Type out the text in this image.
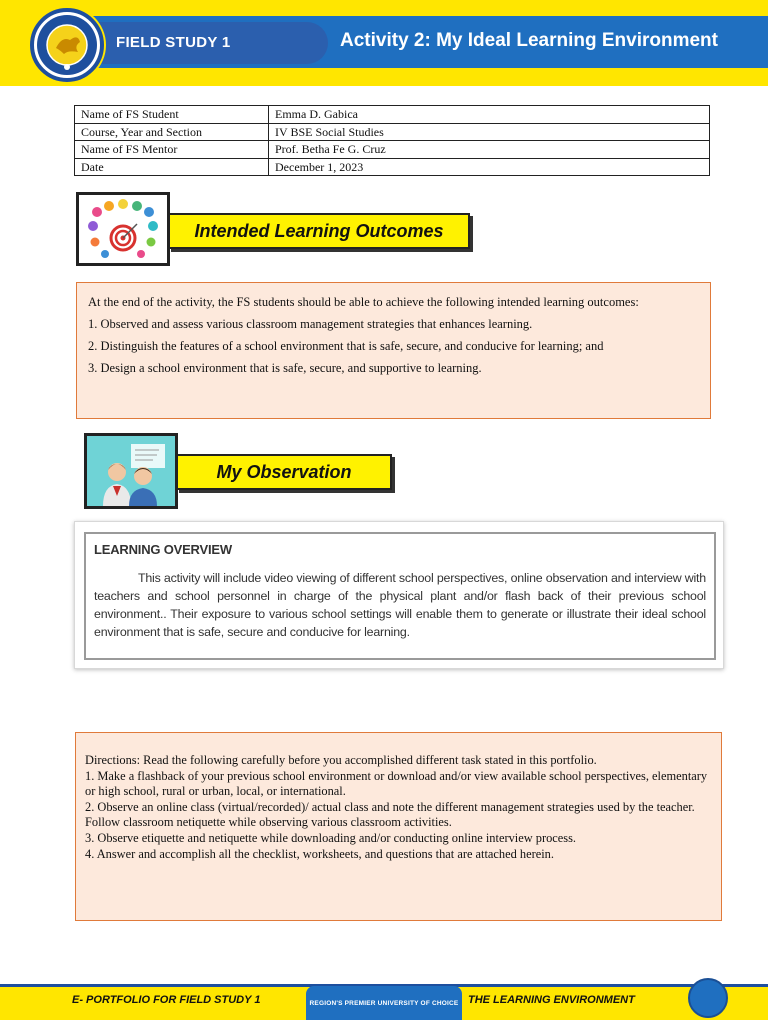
FIELD STUDY 1	Activity 2: My Ideal Learning Environment
Name of FS Student	Emma D. Gabica
Course, Year and Section	IV BSE Social Studies
Name of FS Mentor	Prof. Betha Fe G. Cruz
Date	December 1, 2023
Intended Learning Outcomes

At the end of the activity, the FS students should be able to achieve the following intended learning outcomes:

1. Observed and assess various classroom management strategies that enhances learning.

2. Distinguish the features of a school environment that is safe, secure, and conducive for learning; and

3. Design a school environment that is safe, secure, and supportive to learning.

My Observation
LEARNING OVERVIEW
This activity will include video viewing of different school perspectives, online observation and interview with teachers and school personnel in charge of the physical plant and/or flash back of their previous school environment.. Their exposure to various school settings will enable them to generate or illustrate their ideal school environment that is safe, secure and conducive for learning.
Directions: Read the following carefully before you accomplished different task stated in this portfolio.
1. Make a flashback of your previous school environment or download and/or view available school perspectives, elementary or high school, rural or urban, local, or international.
2. Observe an online class (virtual/recorded)/ actual class and note the different management strategies used by the teacher. Follow classroom netiquette while observing various classroom activities.
3. Observe etiquette and netiquette while downloading and/or conducting online interview process.
4. Answer and accomplish all the checklist, worksheets, and questions that are attached herein.
E- PORTFOLIO FOR FIELD STUDY 1	REGION'S PREMIER UNIVERSITY OF CHOICE THE LEARNING ENVIRONMENT
